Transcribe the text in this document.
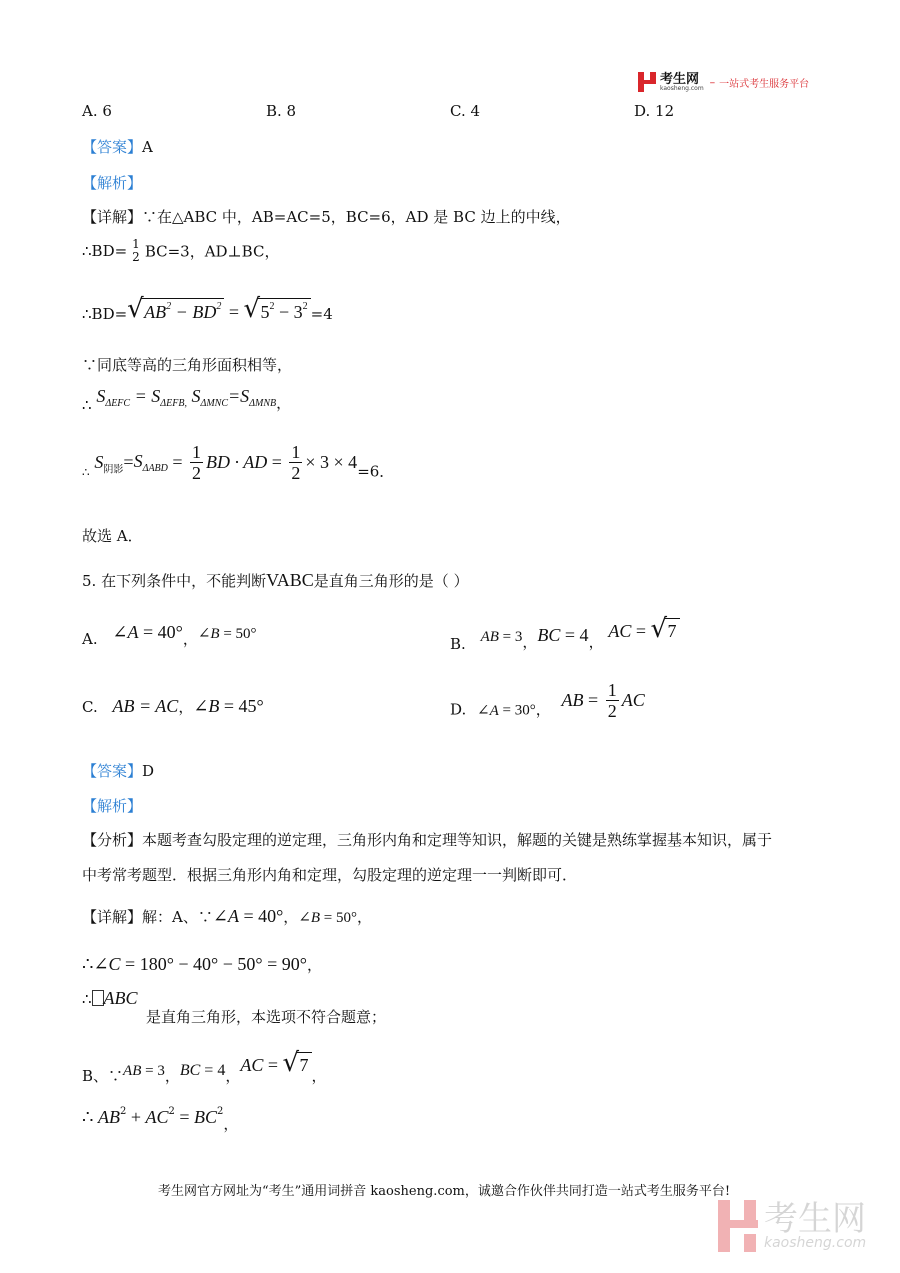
考生网
kaosheng.com – 一站式考生服务平台
A. 6	B. 8	C. 4	D. 12
【答案】A
【解析】
【详解】∵在△ABC 中，AB=AC=5，BC=6，AD 是 BC 边上的中线，
∴BD= 1
2 BC=3，AD⊥BC，
∴BD= √ $AB^2 - BD^2$ = √ $5^2 - 3^2 =4$
∵同底等高的三角形面积相等，
∴ $S_{\Delta EFC} = S_{\Delta EFB,}$ $S_{\Delta MNC}=S_{\Delta MNB}$，
$_\therefore$ $S_{阴影}=S_{\Delta ABD} = \frac{1}{2}$ BD · AD = $\frac{1}{2} \times 3 \times 4=6$．
故选 A．
5. 在下列条件中，不能判断VABC是直角三角形的是（ ）
A. ∠A = 40°，∠B = 50°
B. AB = 3，BC = 4， AC = √ 7
C. AB = AC，∠B = 45°	D. ∠A = 30°， AB = $\frac{1}{2}$ AC
【答案】D
【解析】
【分析】本题考查勾股定理的逆定理，三角形内角和定理等知识，解题的关键是熟练掌握基本知识，属于
中考常考题型．根据三角形内角和定理，勾股定理的逆定理一一判断即可．
【详解】解：A、∵∠A = 40°，∠B = 50°，
∴∠C = 180° − 40° − 50° = 90°，
∴ ABC
是直角三角形，本选项不符合题意；
B、∵AB = 3，BC = 4，AC = √ 7，
∴ $AB^2 + AC^2 = BC^2$，
考生网官方网址为“考生”通用词拼音 kaosheng.com，诚邀合作伙伴共同打造一站式考生服务平台!
考生网
kaosheng.com
